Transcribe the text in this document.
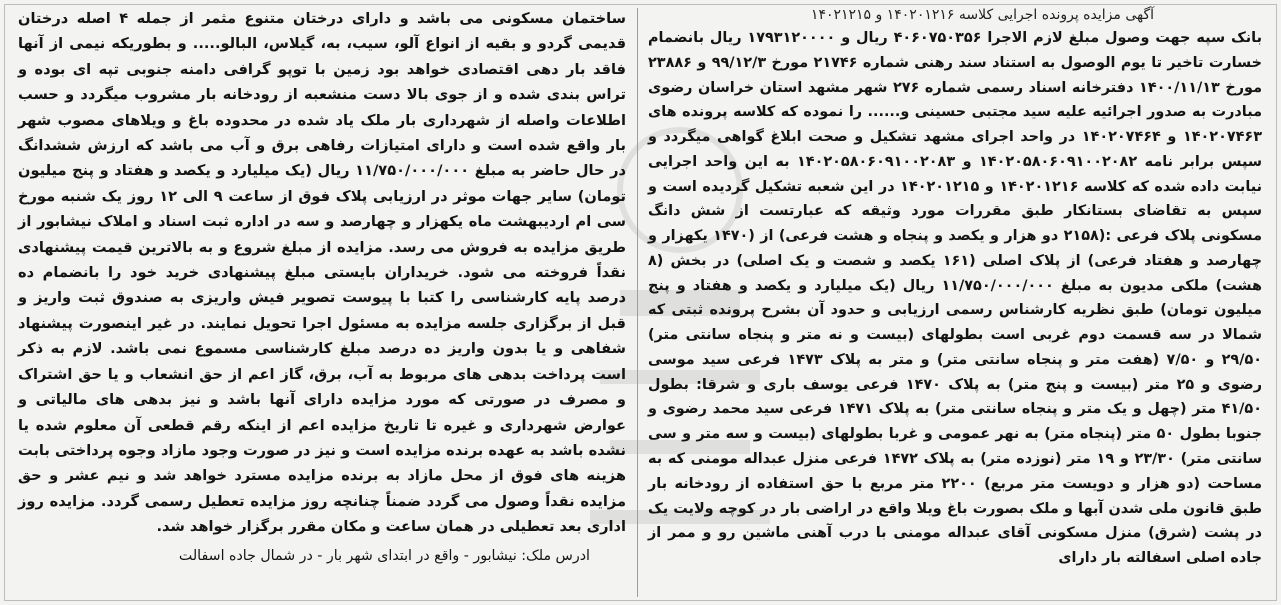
آگهی مزایده پرونده اجرایی کلاسه ۱۴۰۲۰۱۲۱۶ و ۱۴۰۲۱۲۱۵

بانک سپه جهت وصول مبلغ لازم الاجرا ۴۰۶۰۷۵۰۳۵۶ ریال و ۱۷۹۳۱۲۰۰۰۰ ریال بانضمام خسارت تاخیر تا یوم الوصول به استناد سند رهنی شماره ۲۱۷۴۶ مورخ ۹۹/۱۲/۳ و ۲۳۸۸۶ مورخ ۱۴۰۰/۱۱/۱۳ دفترخانه اسناد رسمی شماره ۲۷۶ شهر مشهد استان خراسان رضوی مبادرت به صدور اجرائیه علیه سید مجتبی حسینی و...... را نموده که کلاسه پرونده های ۱۴۰۲۰۷۴۶۳ و ۱۴۰۲۰۷۴۶۴ در واحد اجرای مشهد تشکیل و صحت ابلاغ گواهی میگردد و سپس برابر نامه ۱۴۰۲۰۵۸۰۶۰۹۱۰۰۲۰۸۲ و ۱۴۰۲۰۵۸۰۶۰۹۱۰۰۲۰۸۳ به این واحد اجرایی نیابت داده شده که کلاسه ۱۴۰۲۰۱۲۱۶ و ۱۴۰۲۰۱۲۱۵ در این شعبه تشکیل گردیده است و سپس به تقاضای بستانکار طبق مقررات مورد وثیقه که عبارتست از شش دانگ مسکونی پلاک فرعی :(۲۱۵۸ دو هزار و یکصد و پنجاه و هشت فرعی) از (۱۴۷۰ یکهزار و چهارصد و هفتاد فرعی) از پلاک اصلی (۱۶۱ یکصد و شصت و یک اصلی) در بخش (۸ هشت) ملکی مدیون به مبلغ ۱۱/۷۵۰/۰۰۰/۰۰۰ ریال (یک میلیارد و یکصد و هفتاد و پنج میلیون تومان) طبق نظریه کارشناس رسمی ارزیابی و حدود آن بشرح پرونده ثبتی که شمالا در سه قسمت دوم غربی است بطولهای (بیست و نه متر و پنجاه سانتی متر) ۲۹/۵۰ و ۷/۵۰ (هفت متر و پنجاه سانتی متر) و متر به پلاک ۱۴۷۳ فرعی سید موسی رضوی و ۲۵ متر (بیست و پنج متر) به پلاک ۱۴۷۰ فرعی یوسف باری و شرقا: بطول ۴۱/۵۰ متر (چهل و یک متر و پنجاه سانتی متر) به پلاک ۱۴۷۱ فرعی سید محمد رضوی و جنوبا بطول ۵۰ متر (پنجاه متر) به نهر عمومی و غربا بطولهای (بیست و سه متر و سی سانتی متر) ۲۳/۳۰ و ۱۹ متر (نوزده متر) به پلاک ۱۴۷۲ فرعی منزل عبداله مومنی که به مساحت (دو هزار و دویست متر مربع) ۲۲۰۰ متر مربع با حق استفاده از رودخانه بار طبق قانون ملی شدن آبها و ملک بصورت باغ ویلا واقع در اراضی بار در کوچه ولایت یک در پشت (شرق) منزل مسکونی آقای عبداله مومنی با درب آهنی ماشین رو و ممر از جاده اصلی اسفالته بار دارای

ساختمان مسکونی می باشد و دارای درختان متنوع مثمر از جمله ۴ اصله درختان قدیمی گردو و بقیه از انواع آلو، سیب، به، گیلاس، البالو..... و بطوریکه نیمی از آنها فاقد بار دهی اقتصادی خواهد بود زمین با توپو گرافی دامنه جنوبی تپه ای بوده و تراس بندی شده و از جوی بالا دست منشعبه از رودخانه بار مشروب میگردد و حسب اطلاعات واصله از شهرداری بار ملک یاد شده در محدوده باغ و ویلاهای مصوب شهر بار واقع شده است و دارای امتیازات رفاهی برق و آب می باشد که ارزش ششدانگ در حال حاضر به مبلغ ۱۱/۷۵۰/۰۰۰/۰۰۰ ریال (یک میلیارد و یکصد و هفتاد و پنج میلیون تومان) سایر جهات موثر در ارزیابی پلاک فوق از ساعت ۹ الی ۱۲ روز یک شنبه مورخ سی ام اردیبهشت ماه یکهزار و چهارصد و سه در اداره ثبت اسناد و املاک نیشابور از طریق مزایده به فروش می رسد. مزایده از مبلغ شروع و به بالاترین قیمت پیشنهادی نقداً فروخته می شود. خریداران بایستی مبلغ پیشنهادی خرید خود را بانضمام ده درصد پایه کارشناسی را کتبا با پیوست تصویر فیش واریزی به صندوق ثبت واریز و قبل از برگزاری جلسه مزایده به مسئول اجرا تحویل نمایند. در غیر اینصورت پیشنهاد شفاهی و یا بدون واریز ده درصد مبلغ کارشناسی مسموع نمی باشد. لازم به ذکر است پرداخت بدهی های مربوط به آب، برق، گاز اعم از حق انشعاب و یا حق اشتراک و مصرف در صورتی که مورد مزایده دارای آنها باشد و نیز بدهی های مالیاتی و عوارض شهرداری و غیره تا تاریخ مزایده اعم از اینکه رقم قطعی آن معلوم شده یا نشده باشد به عهده برنده مزایده است و نیز در صورت وجود مازاد وجوه پرداختی بابت هزینه های فوق از محل مازاد به برنده مزایده مسترد خواهد شد و نیم عشر و حق مزایده نقداً وصول می گردد ضمناً چنانچه روز مزایده تعطیل رسمی گردد. مزایده روز اداری بعد تعطیلی در همان ساعت و مکان مقرر برگزار خواهد شد.

ادرس ملک: نیشابور - واقع در ابتدای شهر بار - در شمال جاده اسفالت
